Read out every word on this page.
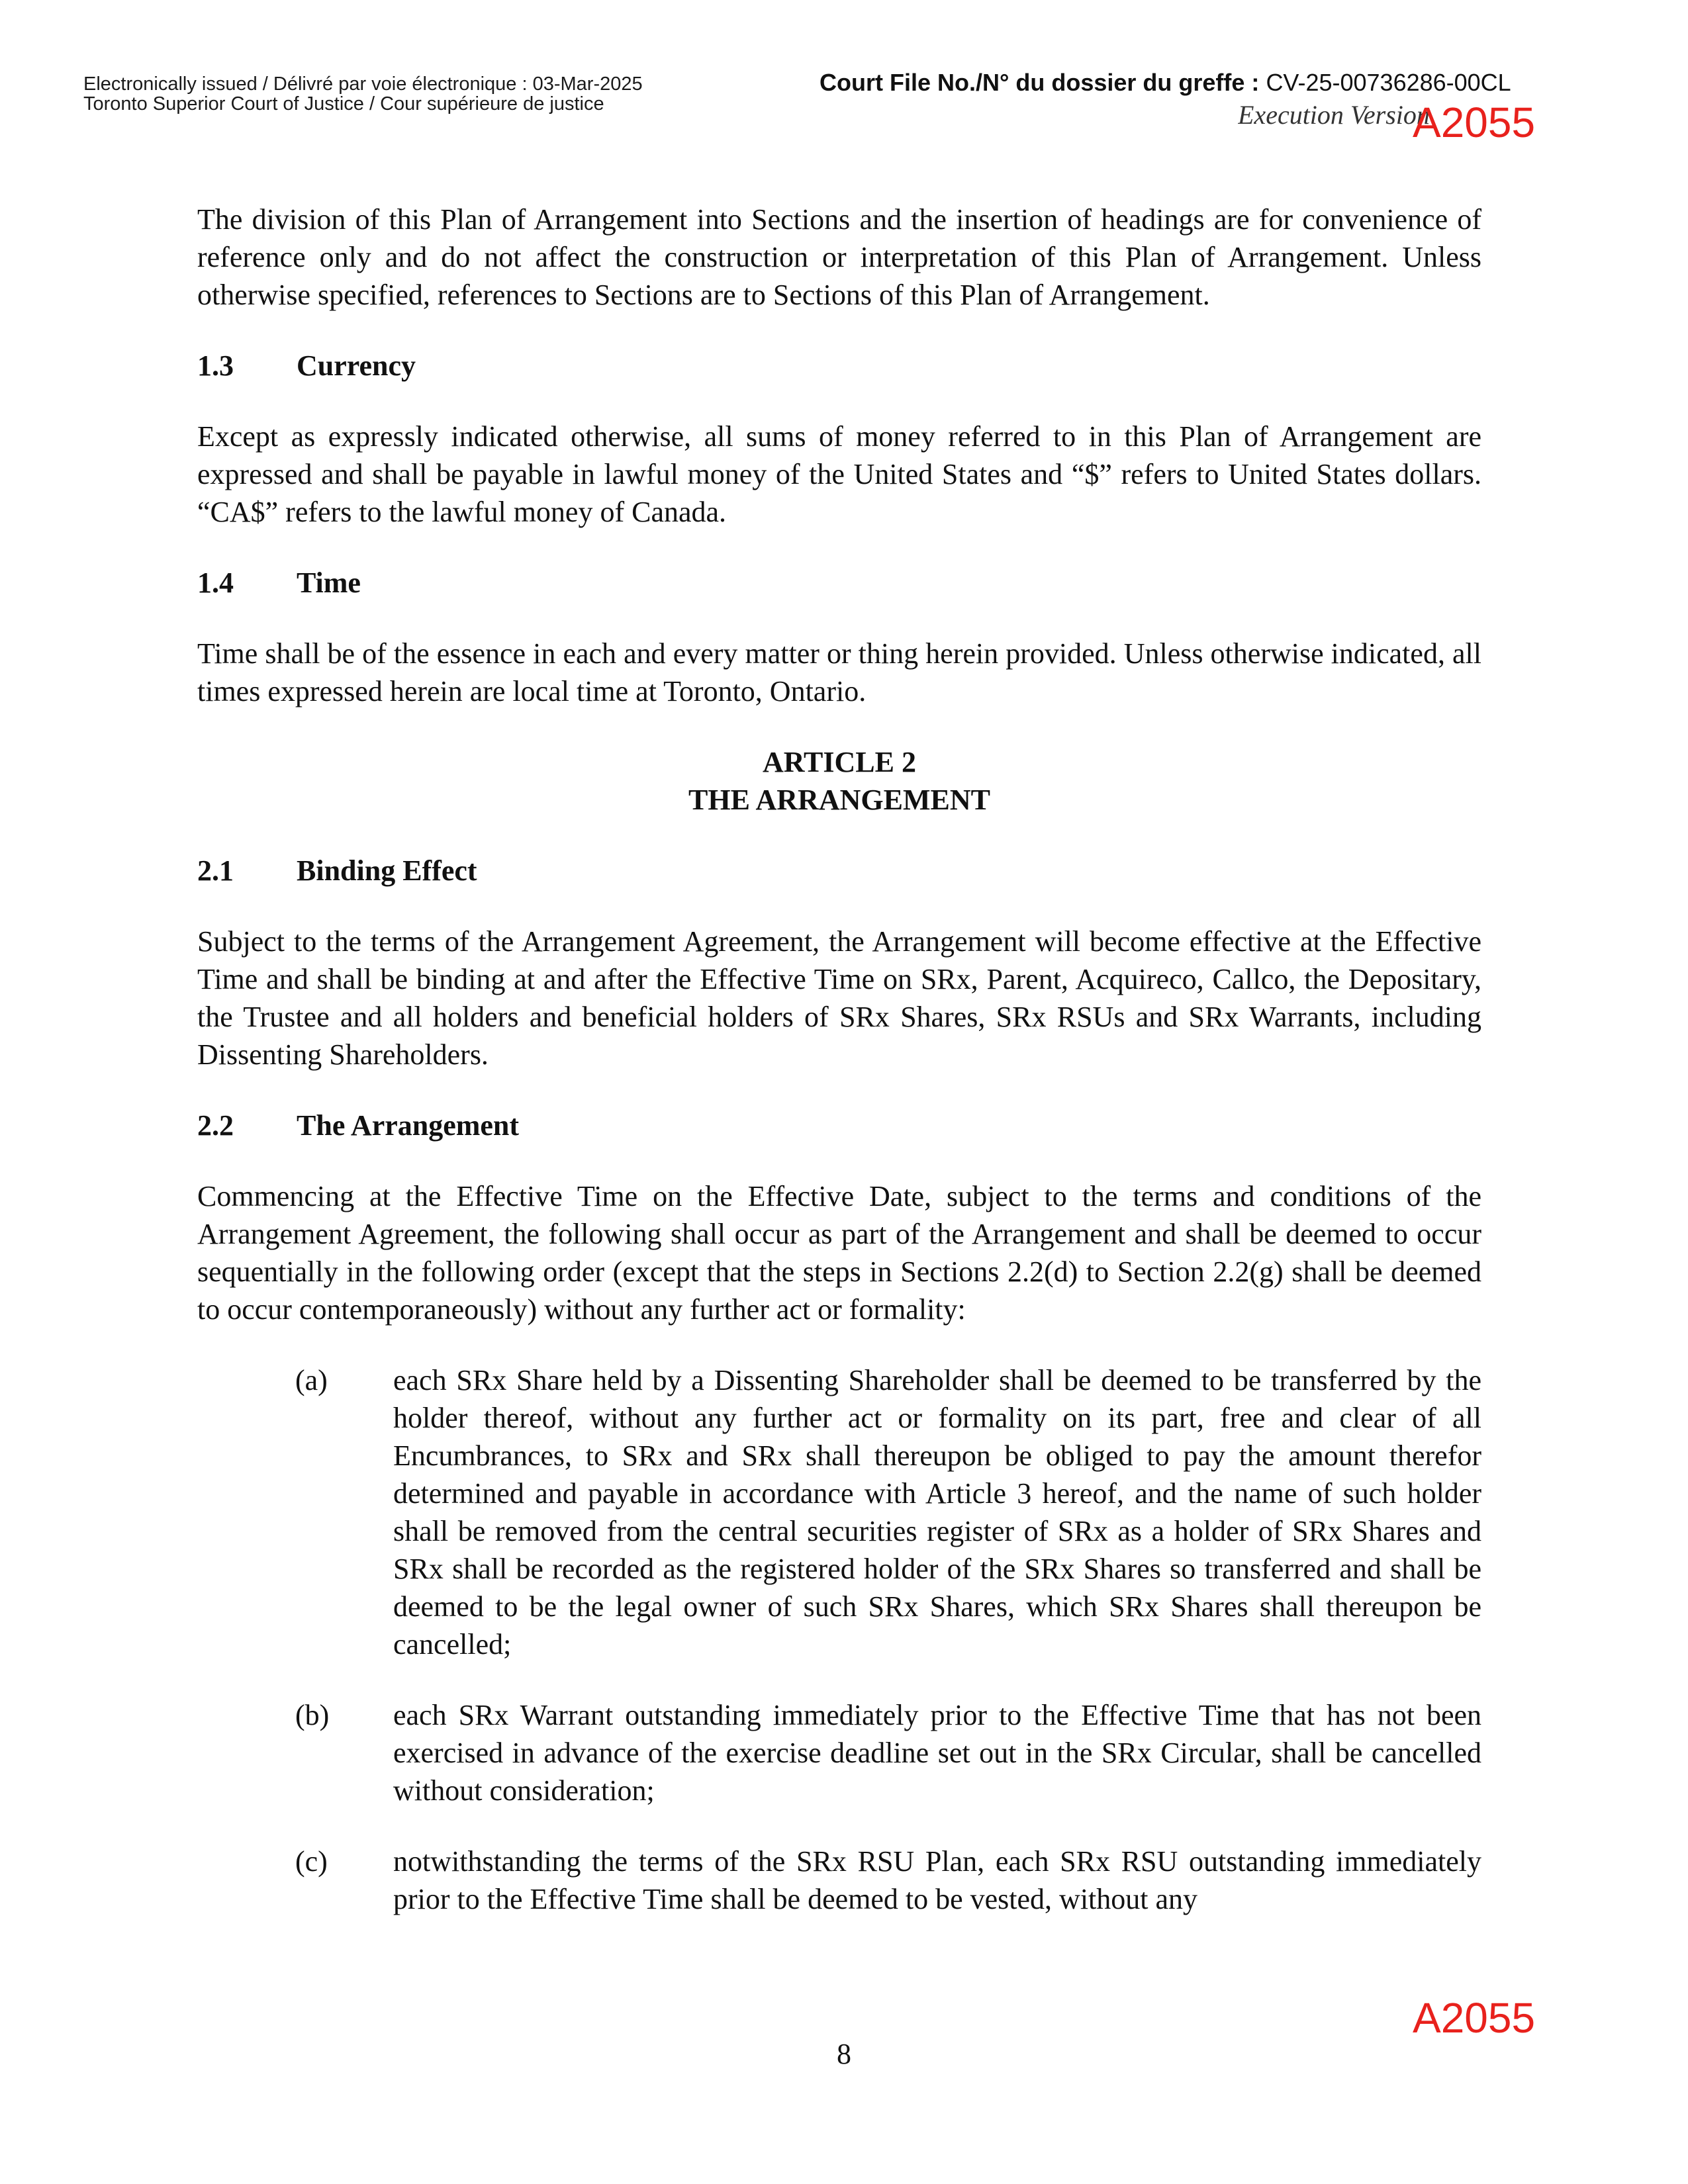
Electronically issued / Délivré par voie électronique : 03-Mar-2025
Toronto Superior Court of Justice / Cour supérieure de justice
Court File No./N° du dossier du greffe : CV-25-00736286-00CL
Execution Version
A2055

The division of this Plan of Arrangement into Sections and the insertion of headings are for convenience of reference only and do not affect the construction or interpretation of this Plan of Arrangement. Unless otherwise specified, references to Sections are to Sections of this Plan of Arrangement.

1.3 Currency

Except as expressly indicated otherwise, all sums of money referred to in this Plan of Arrangement are expressed and shall be payable in lawful money of the United States and “$” refers to United States dollars. “CA$” refers to the lawful money of Canada.

1.4 Time

Time shall be of the essence in each and every matter or thing herein provided. Unless otherwise indicated, all times expressed herein are local time at Toronto, Ontario.

ARTICLE 2
THE ARRANGEMENT
2.1 Binding Effect

Subject to the terms of the Arrangement Agreement, the Arrangement will become effective at the Effective Time and shall be binding at and after the Effective Time on SRx, Parent, Acquireco, Callco, the Depositary, the Trustee and all holders and beneficial holders of SRx Shares, SRx RSUs and SRx Warrants, including Dissenting Shareholders.

2.2 The Arrangement

Commencing at the Effective Time on the Effective Date, subject to the terms and conditions of the Arrangement Agreement, the following shall occur as part of the Arrangement and shall be deemed to occur sequentially in the following order (except that the steps in Sections 2.2(d) to Section 2.2(g) shall be deemed to occur contemporaneously) without any further act or formality:

(a)	each SRx Share held by a Dissenting Shareholder shall be deemed to be transferred by the holder thereof, without any further act or formality on its part, free and clear of all Encumbrances, to SRx and SRx shall thereupon be obliged to pay the amount therefor determined and payable in accordance with Article 3 hereof, and the name of such holder shall be removed from the central securities register of SRx as a holder of SRx Shares and SRx shall be recorded as the registered holder of the SRx Shares so transferred and shall be deemed to be the legal owner of such SRx Shares, which SRx Shares shall thereupon be cancelled;
(b)	each SRx Warrant outstanding immediately prior to the Effective Time that has not been exercised in advance of the exercise deadline set out in the SRx Circular, shall be cancelled without consideration;
(c)	notwithstanding the terms of the SRx RSU Plan, each SRx RSU outstanding immediately prior to the Effective Time shall be deemed to be vested, without any
A2055
8
